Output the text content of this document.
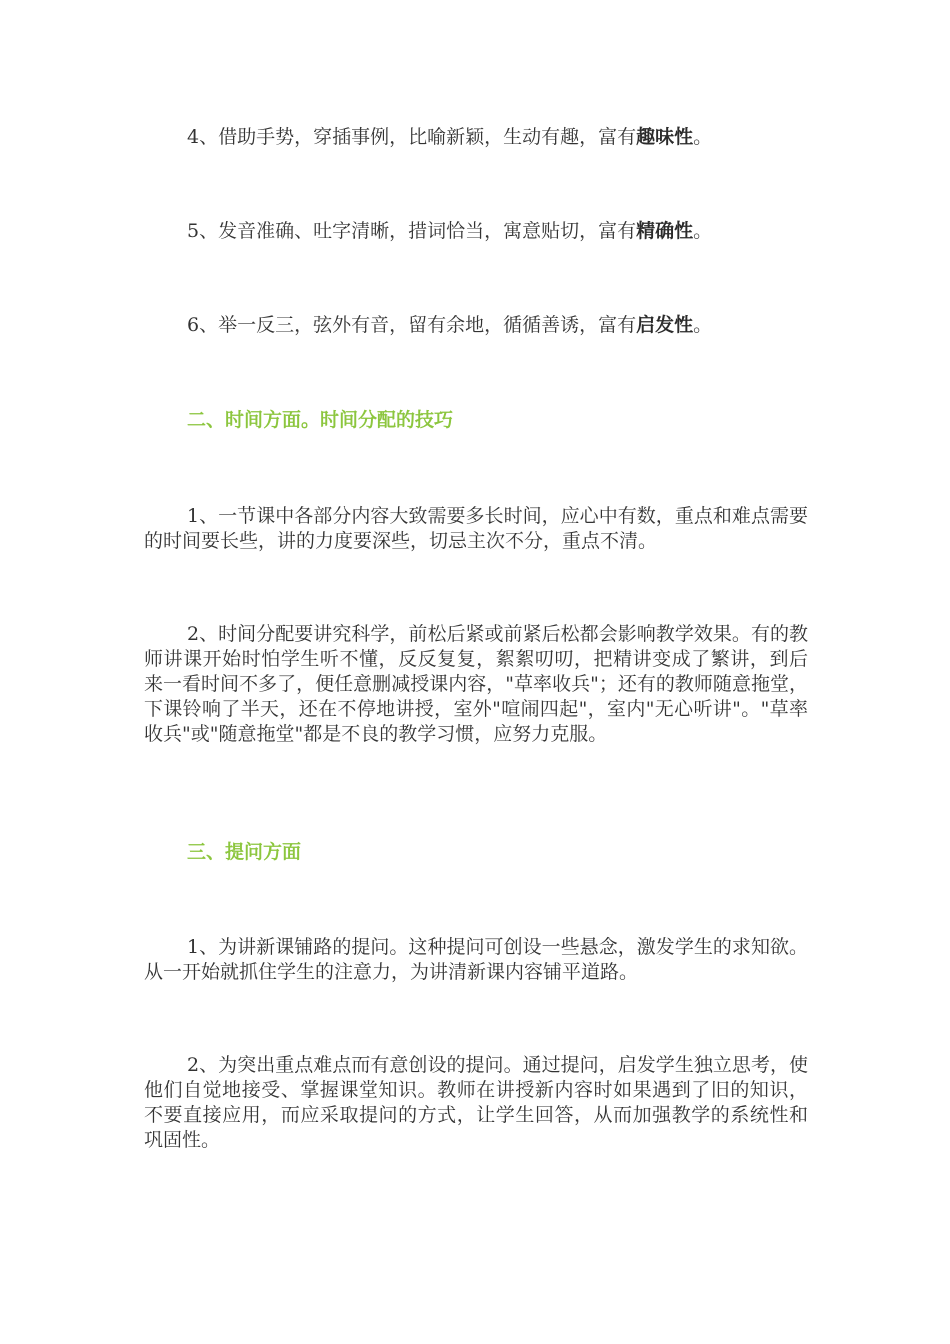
4、借助手势，穿插事例，比喻新颖，生动有趣，富有趣味性。
5、发音准确、吐字清晰，措词恰当，寓意贴切，富有精确性。
6、举一反三，弦外有音，留有余地，循循善诱，富有启发性。
二、时间方面。时间分配的技巧
1、一节课中各部分内容大致需要多长时间，应心中有数，重点和难点需要的时间要长些，讲的力度要深些，切忌主次不分，重点不清。
2、时间分配要讲究科学，前松后紧或前紧后松都会影响教学效果。有的教师讲课开始时怕学生听不懂，反反复复，絮絮叨叨，把精讲变成了繁讲，到后来一看时间不多了，便任意删减授课内容，"草率收兵"；还有的教师随意拖堂，下课铃响了半天，还在不停地讲授，室外"喧闹四起"，室内"无心听讲"。"草率收兵"或"随意拖堂"都是不良的教学习惯，应努力克服。
三、提问方面
1、为讲新课铺路的提问。这种提问可创设一些悬念，激发学生的求知欲。从一开始就抓住学生的注意力，为讲清新课内容铺平道路。
2、为突出重点难点而有意创设的提问。通过提问，启发学生独立思考，使他们自觉地接受、掌握课堂知识。教师在讲授新内容时如果遇到了旧的知识，不要直接应用，而应采取提问的方式，让学生回答，从而加强教学的系统性和巩固性。
